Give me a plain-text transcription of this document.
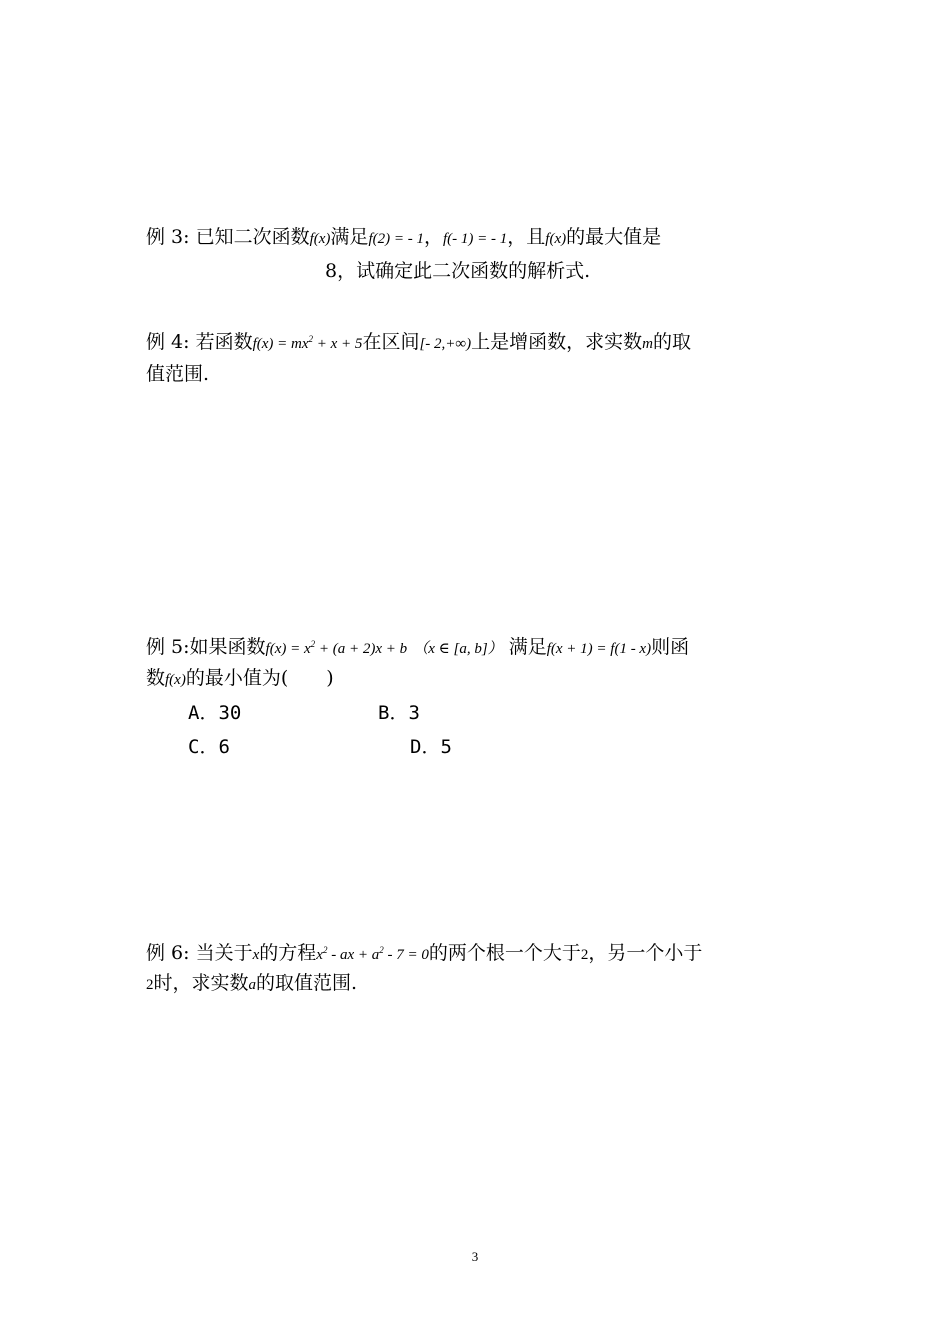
例 3: 已知二次函数f(x)满足f(2) = - 1，f(- 1) = - 1，且f(x)的最大值是
8，试确定此二次函数的解析式.
例 4: 若函数$f(x) = mx^2 + x + 5$在区间[- 2,+∞)上是增函数，求实数m的取
值范围.
例 5:如果函数$f(x) = x^2 + (a + 2)x + b$ （x ∈ [a, b]） 满足f(x + 1) = f(1 - x)则函
数f(x)的最小值为(　　)
A．30	B．3
C．6	D．5
例 6: 当关于x的方程$x^2$ - ax + $a^2 - 7 = 0$的两个根一个大于2，另一个小于
2时，求实数a的取值范围.
3
